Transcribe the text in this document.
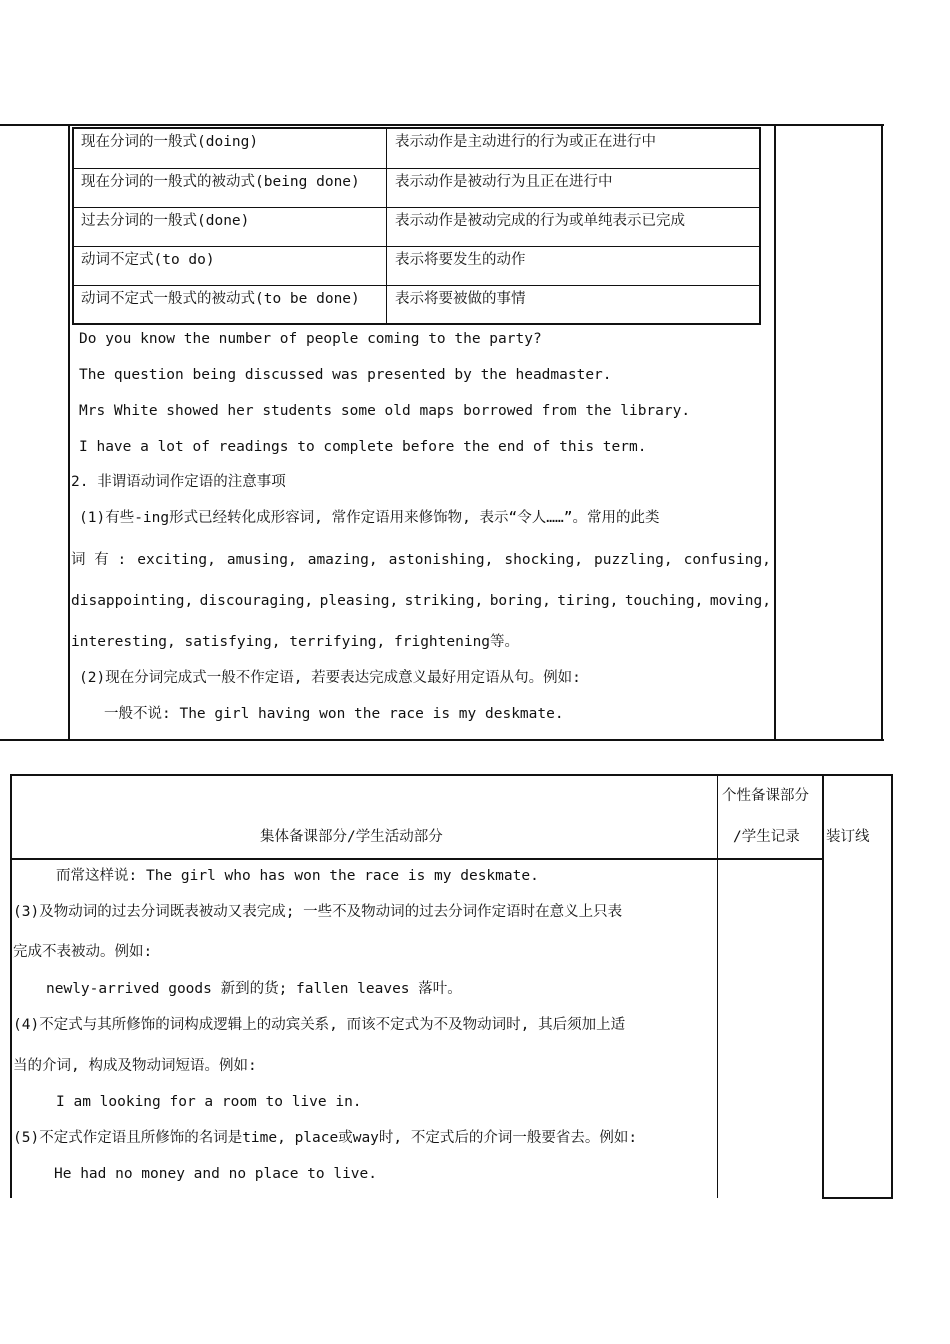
现在分词的一般式(doing)	表示动作是主动进行的行为或正在进行中
现在分词的一般式的被动式(being done) 表示动作是被动行为且正在进行中
过去分词的一般式(done)	表示动作是被动完成的行为或单纯表示已完成
动词不定式(to do)	表示将要发生的动作
动词不定式一般式的被动式(to be done) 表示将要被做的事情
Do you know the number of people coming to the party?
The question being discussed was presented by the headmaster.
Mrs White showed her students some old maps borrowed from the library.
I have a lot of readings to complete before the end of this term.
2. 非谓语动词作定语的注意事项
(1)有些-ing形式已经转化成形容词, 常作定语用来修饰物, 表示“令人……”。常用的此类
词 有 : exciting, amusing, amazing, astonishing, shocking, puzzling, confusing,
disappointing, discouraging, pleasing, striking, boring, tiring, touching, moving,
interesting, satisfying, terrifying, frightening等。
(2)现在分词完成式一般不作定语, 若要表达完成意义最好用定语从句。例如:
一般不说: The girl having won the race is my deskmate.
集体备课部分/学生活动部分
个性备课部分
/学生记录 装订线
而常这样说: The girl who has won the race is my deskmate.
(3)及物动词的过去分词既表被动又表完成; 一些不及物动词的过去分词作定语时在意义上只表
完成不表被动。例如:
newly-arrived goods 新到的货; fallen leaves 落叶。
(4)不定式与其所修饰的词构成逻辑上的动宾关系, 而该不定式为不及物动词时, 其后须加上适
当的介词, 构成及物动词短语。例如:
I am looking for a room to live in.
(5)不定式作定语且所修饰的名词是time, place或way时, 不定式后的介词一般要省去。例如:
He had no money and no place to live.
